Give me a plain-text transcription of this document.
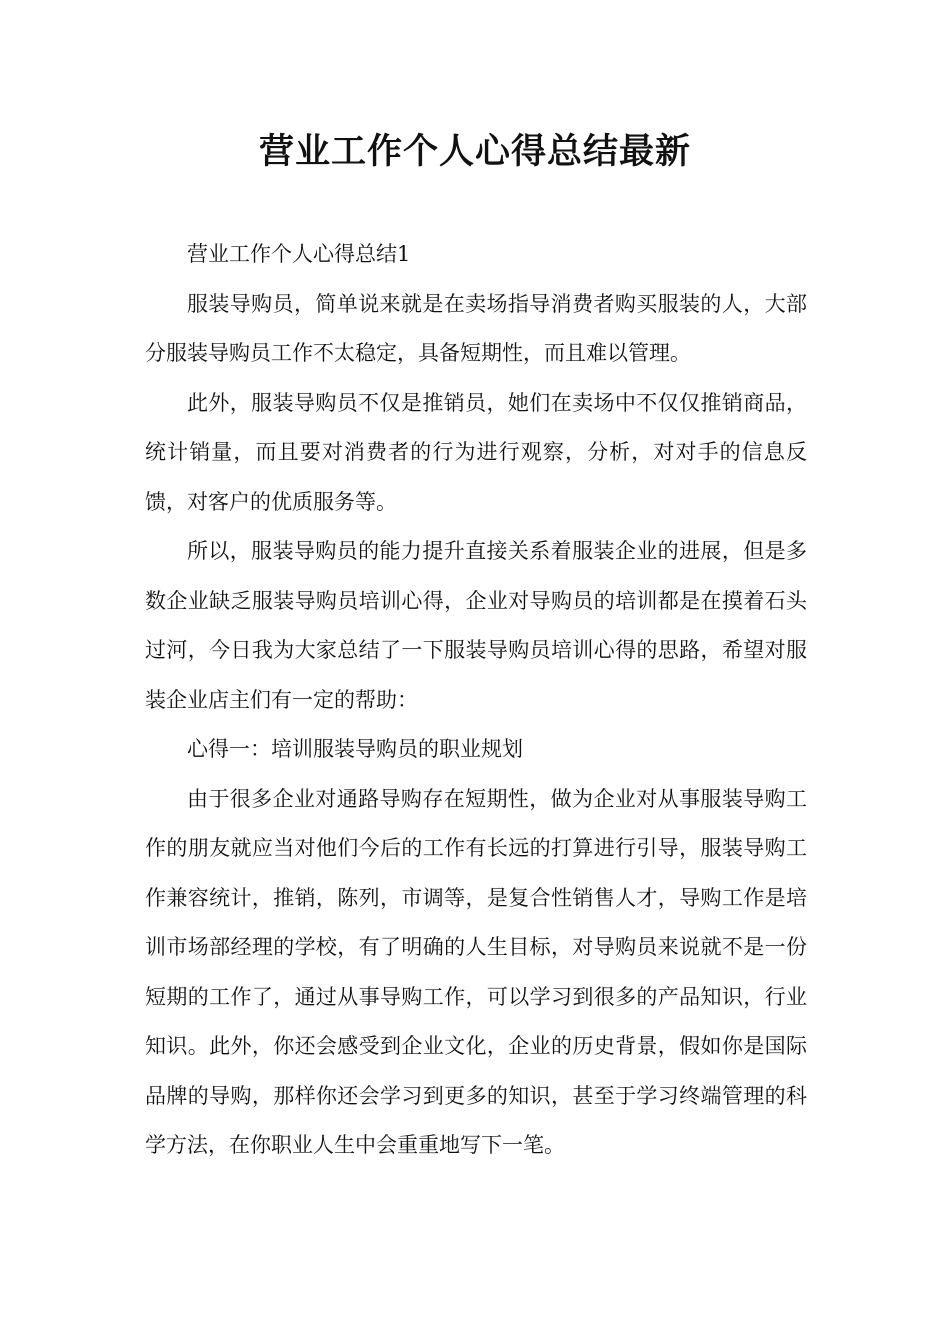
营业工作个人心得总结最新

营业工作个人心得总结1

服装导购员，简单说来就是在卖场指导消费者购买服装的人，大部分服装导购员工作不太稳定，具备短期性，而且难以管理。

此外，服装导购员不仅是推销员，她们在卖场中不仅仅推销商品，统计销量，而且要对消费者的行为进行观察，分析，对对手的信息反馈，对客户的优质服务等。

所以，服装导购员的能力提升直接关系着服装企业的进展，但是多数企业缺乏服装导购员培训心得，企业对导购员的培训都是在摸着石头过河，今日我为大家总结了一下服装导购员培训心得的思路，希望对服装企业店主们有一定的帮助：

心得一：培训服装导购员的职业规划

由于很多企业对通路导购存在短期性，做为企业对从事服装导购工作的朋友就应当对他们今后的工作有长远的打算进行引导，服装导购工作兼容统计，推销，陈列，市调等，是复合性销售人才，导购工作是培训市场部经理的学校，有了明确的人生目标，对导购员来说就不是一份短期的工作了，通过从事导购工作，可以学习到很多的产品知识，行业知识。此外，你还会感受到企业文化，企业的历史背景，假如你是国际品牌的导购，那样你还会学习到更多的知识，甚至于学习终端管理的科学方法，在你职业人生中会重重地写下一笔。
